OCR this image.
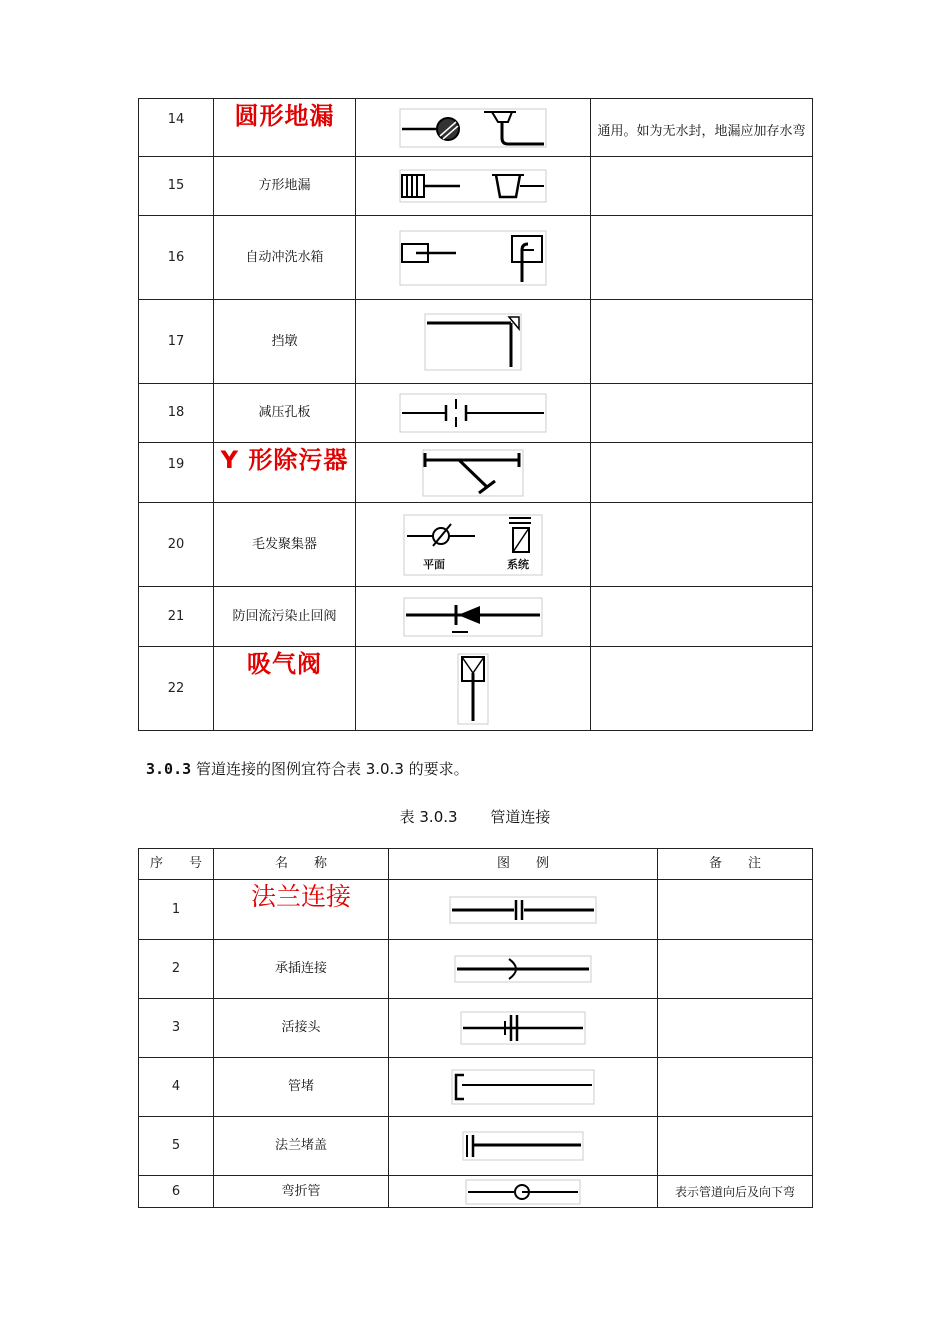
14	圆形地漏		通用。如为无水封，地漏应加存水弯
15	方形地漏	

16	自动冲洗水箱	

17	挡墩	

18	减压孔板	

19	Y 形除污器	

20	毛发聚集器	平面 系统	

21	防回流污染止回阀	

22	吸气阀	

3.0.3 管道连接的图例宜符合表 3.0.3 的要求。
表 3.0.3 管道连接
序　　号	名　　称	图　　例	备　　注
1	法兰连接	

2	承插连接	

3	活接头	

4	管堵	

5	法兰堵盖	

6	弯折管		表示管道向后及向下弯
